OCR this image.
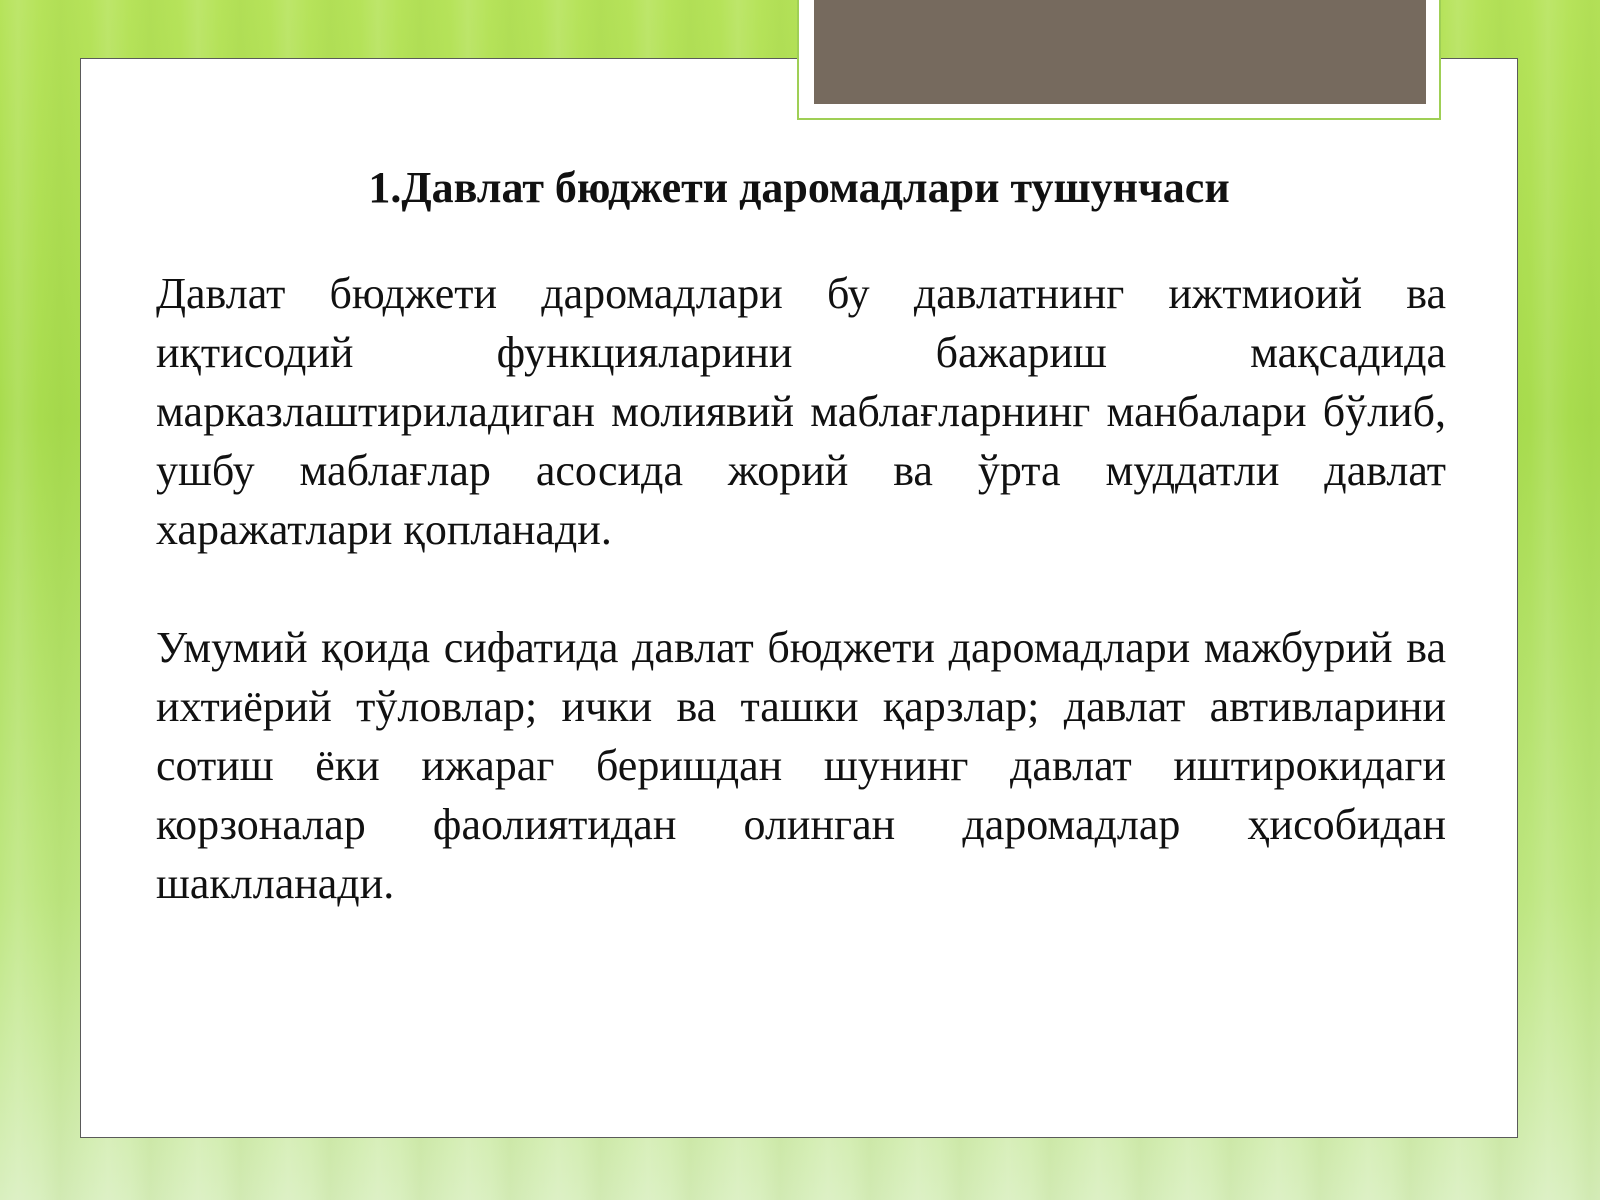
1.Давлат бюджети даромадлари тушунчаси

Давлат бюджети даромадлари бу давлатнинг ижтмиоий ва иқтисодий функцияларини бажариш мақсадида марказлаштириладиган молиявий маблағларнинг манбалари бўлиб, ушбу маблағлар асосида жорий ва ўрта муддатли давлат харажатлари қопланади.

Умумий қоида сифатида давлат бюджети даромадлари мажбурий ва ихтиёрий тўловлар; ички ва ташки қарзлар; давлат автивларини сотиш ёки ижараг беришдан шунинг давлат иштирокидаги корзоналар фаолиятидан олинган даромадлар ҳисобидан шаклланади.
